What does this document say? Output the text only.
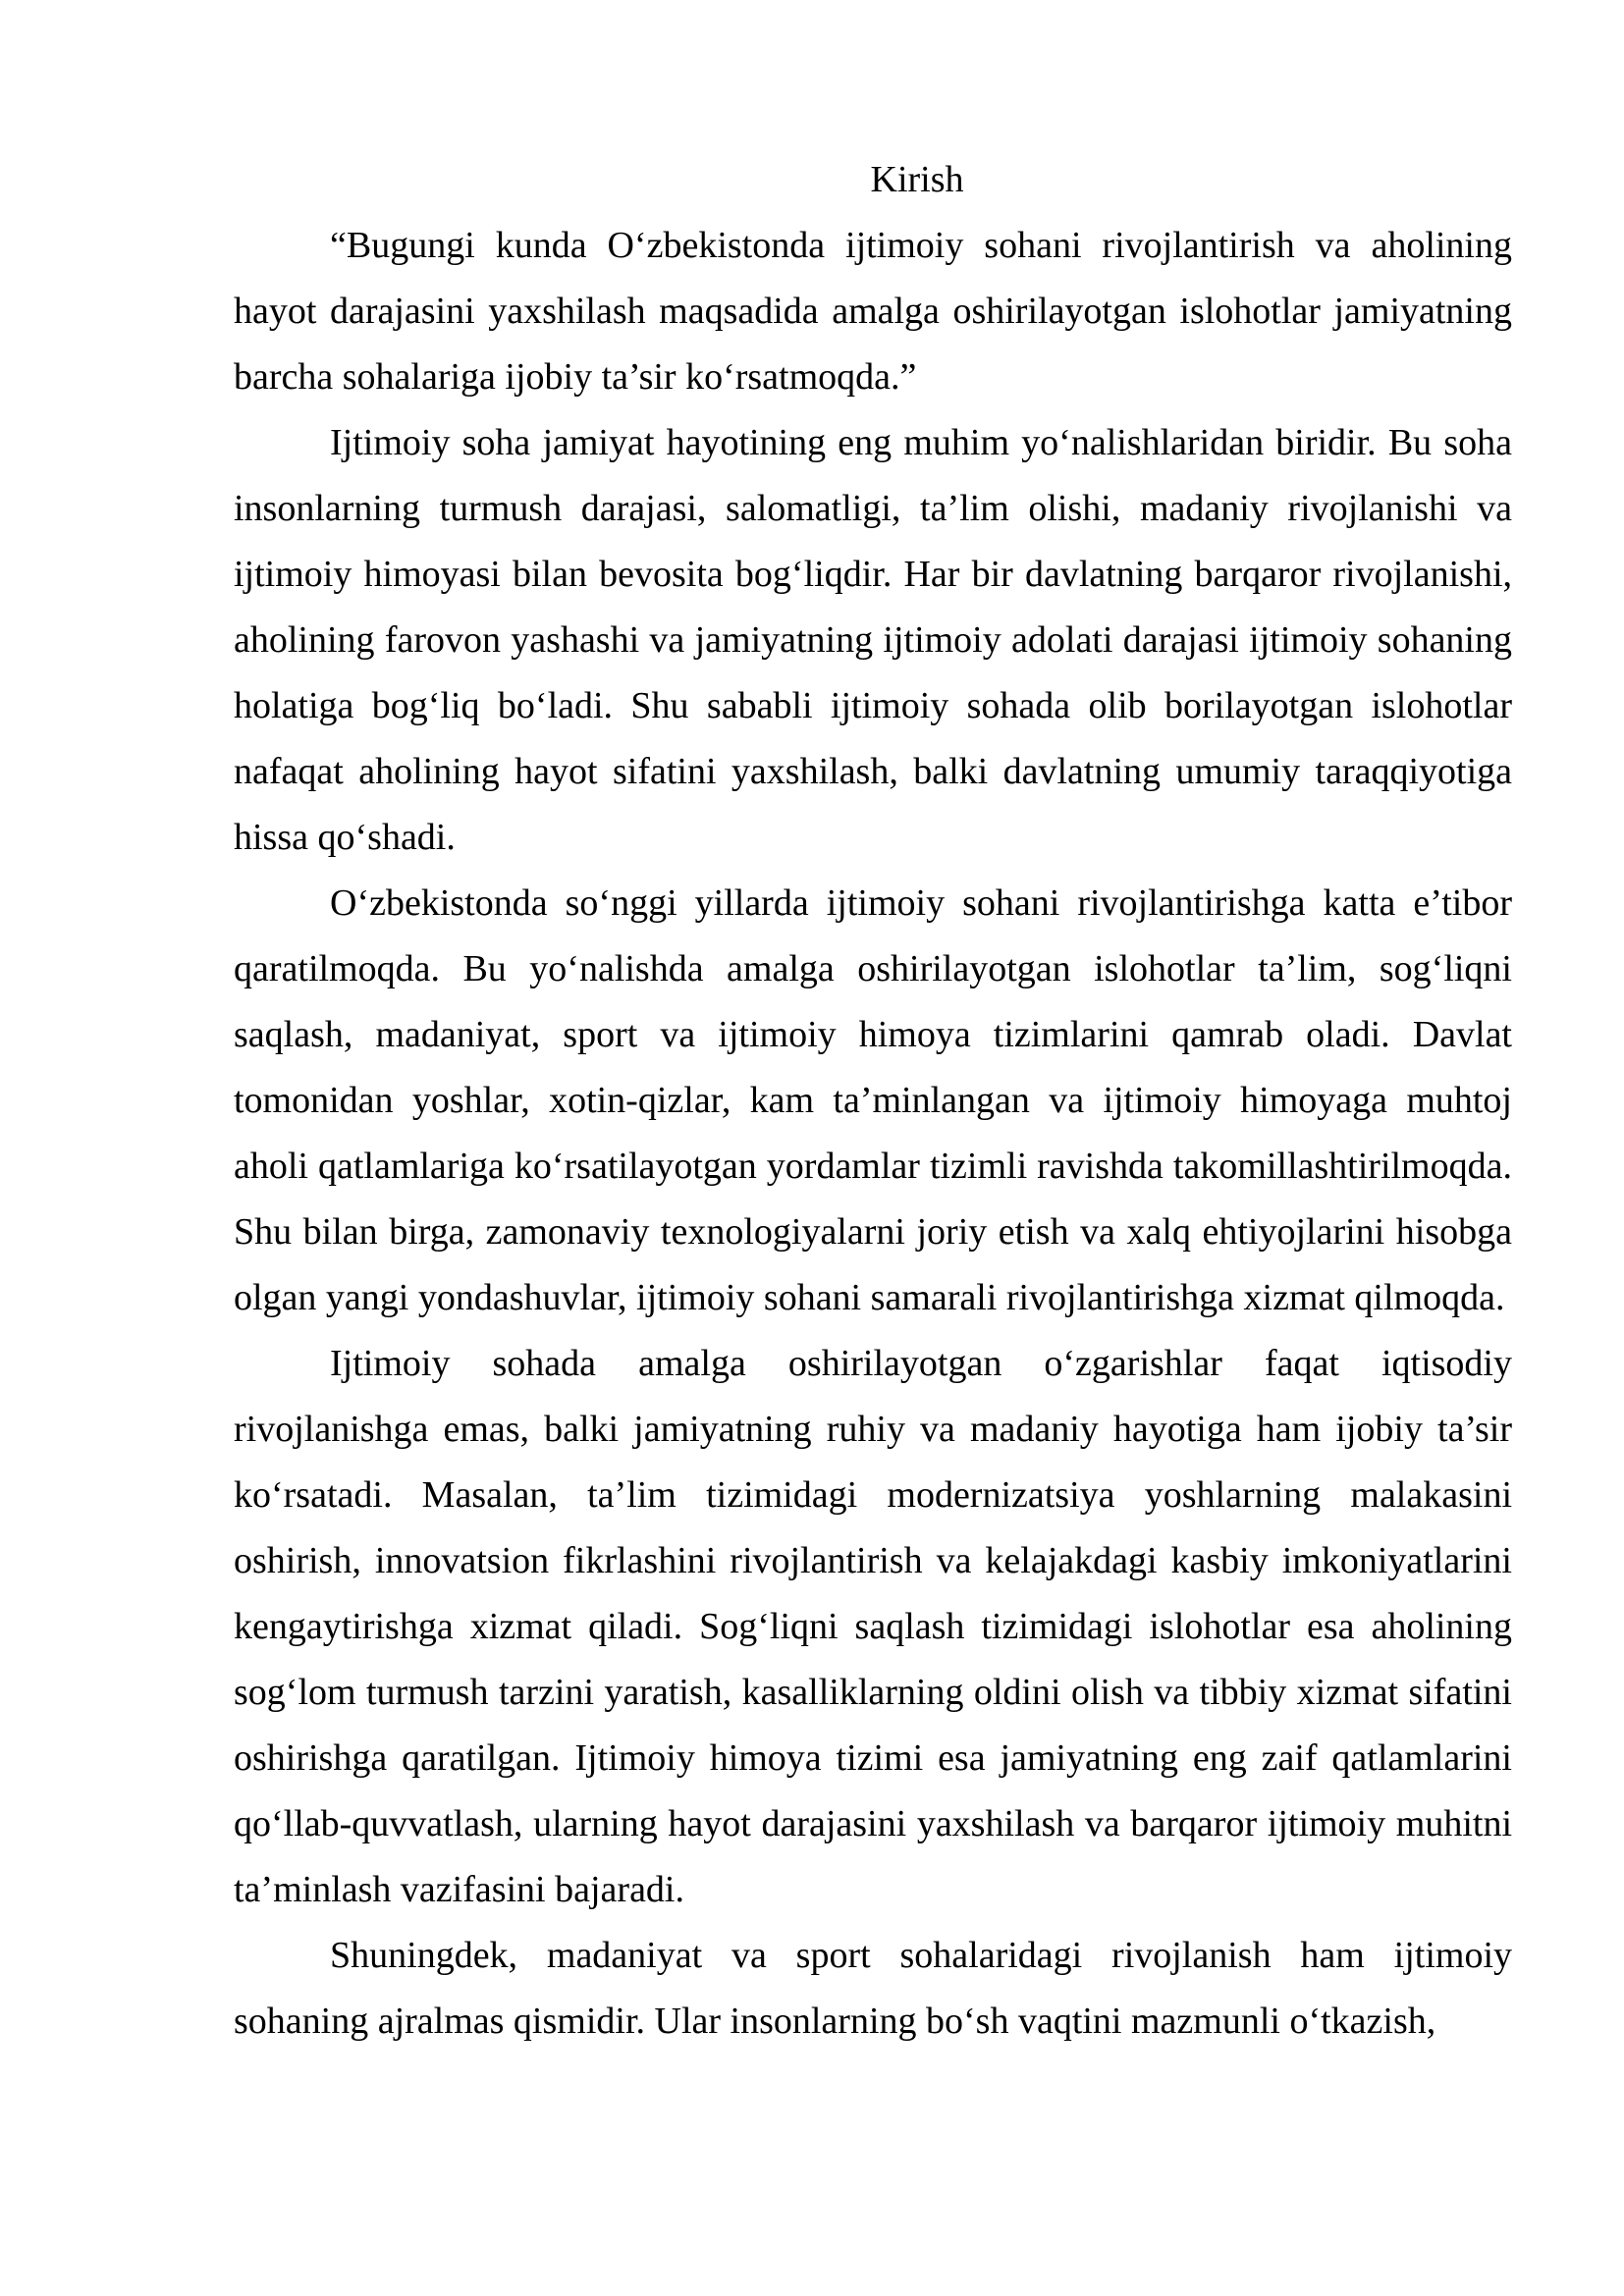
Kirish

“Bugungi kunda O‘zbekistonda ijtimoiy sohani rivojlantirish va aholining hayot darajasini yaxshilash maqsadida amalga oshirilayotgan islohotlar jamiyatning barcha sohalariga ijobiy ta’sir ko‘rsatmoqda.”

Ijtimoiy soha jamiyat hayotining eng muhim yo‘nalishlaridan biridir. Bu soha insonlarning turmush darajasi, salomatligi, ta’lim olishi, madaniy rivojlanishi va ijtimoiy himoyasi bilan bevosita bog‘liqdir. Har bir davlatning barqaror rivojlanishi, aholining farovon yashashi va jamiyatning ijtimoiy adolati darajasi ijtimoiy sohaning holatiga bog‘liq bo‘ladi. Shu sababli ijtimoiy sohada olib borilayotgan islohotlar nafaqat aholining hayot sifatini yaxshilash, balki davlatning umumiy taraqqiyotiga hissa qo‘shadi.

O‘zbekistonda so‘nggi yillarda ijtimoiy sohani rivojlantirishga katta e’tibor qaratilmoqda. Bu yo‘nalishda amalga oshirilayotgan islohotlar ta’lim, sog‘liqni saqlash, madaniyat, sport va ijtimoiy himoya tizimlarini qamrab oladi. Davlat tomonidan yoshlar, xotin-qizlar, kam ta’minlangan va ijtimoiy himoyaga muhtoj aholi qatlamlariga ko‘rsatilayotgan yordamlar tizimli ravishda takomillashtirilmoqda. Shu bilan birga, zamonaviy texnologiyalarni joriy etish va xalq ehtiyojlarini hisobga olgan yangi yondashuvlar, ijtimoiy sohani samarali rivojlantirishga xizmat qilmoqda.

Ijtimoiy sohada amalga oshirilayotgan o‘zgarishlar faqat iqtisodiy rivojlanishga emas, balki jamiyatning ruhiy va madaniy hayotiga ham ijobiy ta’sir ko‘rsatadi. Masalan, ta’lim tizimidagi modernizatsiya yoshlarning malakasini oshirish, innovatsion fikrlashini rivojlantirish va kelajakdagi kasbiy imkoniyatlarini kengaytirishga xizmat qiladi. Sog‘liqni saqlash tizimidagi islohotlar esa aholining sog‘lom turmush tarzini yaratish, kasalliklarning oldini olish va tibbiy xizmat sifatini oshirishga qaratilgan. Ijtimoiy himoya tizimi esa jamiyatning eng zaif qatlamlarini qo‘llab-quvvatlash, ularning hayot darajasini yaxshilash va barqaror ijtimoiy muhitni ta’minlash vazifasini bajaradi.

Shuningdek, madaniyat va sport sohalaridagi rivojlanish ham ijtimoiy sohaning ajralmas qismidir. Ular insonlarning bo‘sh vaqtini mazmunli o‘tkazish,
